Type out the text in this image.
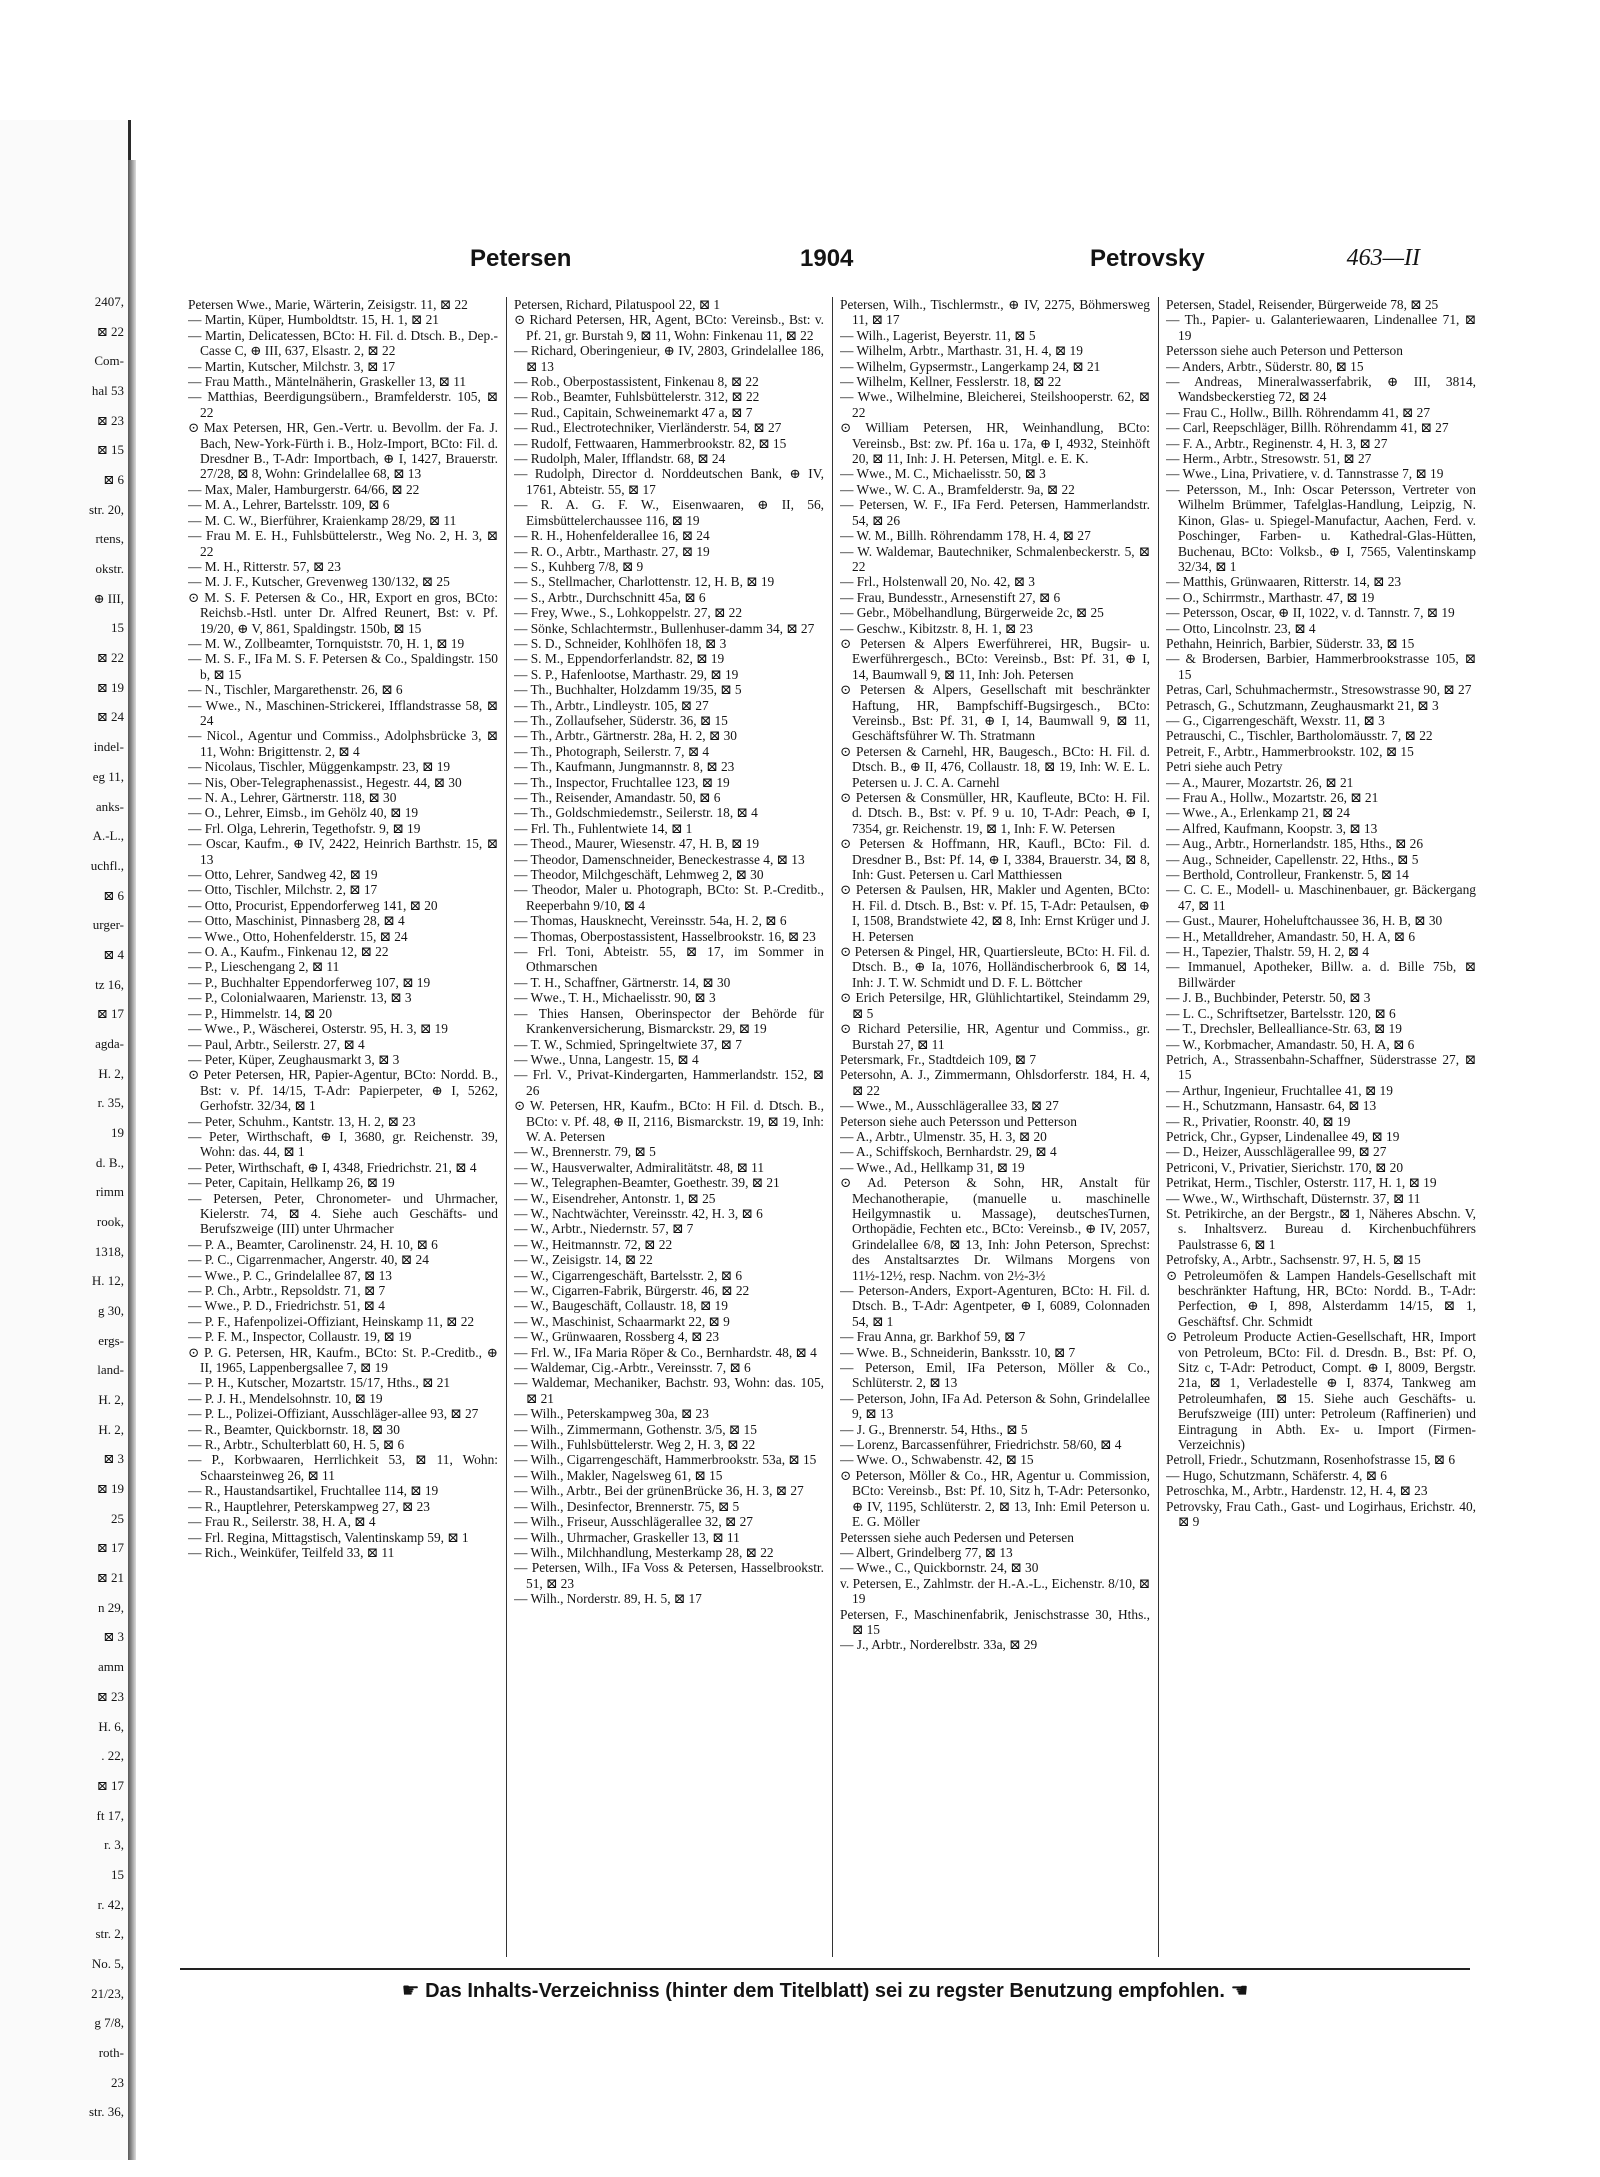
2407,
⊠ 22
Com-
hal 53
⊠ 23
⊠ 15
⊠ 6
str. 20,
rtens,
okstr.
⊕ III,
15
⊠ 22
⊠ 19
⊠ 24
indel-
eg 11,
anks-
A.-L.,
uchfl.,
⊠ 6
urger-
⊠ 4
tz 16,
⊠ 17
agda-
H. 2,
r. 35,
19
d. B.,
rimm
rook,
1318,
H. 12,
g 30,
ergs-
land-
H. 2,
H. 2,
⊠ 3
⊠ 19
25
⊠ 17
⊠ 21
n 29,
⊠ 3
amm
⊠ 23
H. 6,
. 22,
⊠ 17
ft 17,
r. 3,
15
r. 42,
str. 2,
No. 5,
21/23,
g 7/8,
roth-
23
str. 36,
Petersen	1904	Petrovsky	463—II

Petersen Wwe., Marie, Wärterin, Zeisigstr. 11, ⊠ 22

— Martin, Küper, Humboldtstr. 15, H. 1, ⊠ 21

— Martin, Delicatessen, BCto: H. Fil. d. Dtsch. B., Dep.-Casse C, ⊕ III, 637, Elsastr. 2, ⊠ 22

— Martin, Kutscher, Milchstr. 3, ⊠ 17

— Frau Matth., Mäntelnäherin, Graskeller 13, ⊠ 11

— Matthias, Beerdigungsübern., Bramfelderstr. 105, ⊠ 22

⊙ Max Petersen, HR, Gen.-Vertr. u. Bevollm. der Fa. J. Bach, New-York-Fürth i. B., Holz-Import, BCto: Fil. d. Dresdner B., T-Adr: Importbach, ⊕ I, 1427, Brauerstr. 27/28, ⊠ 8, Wohn: Grindelallee 68, ⊠ 13

— Max, Maler, Hamburgerstr. 64/66, ⊠ 22

— M. A., Lehrer, Bartelsstr. 109, ⊠ 6

— M. C. W., Bierführer, Kraienkamp 28/29, ⊠ 11

— Frau M. E. H., Fuhlsbüttelerstr., Weg No. 2, H. 3, ⊠ 22

— M. H., Ritterstr. 57, ⊠ 23

— M. J. F., Kutscher, Grevenweg 130/132, ⊠ 25

⊙ M. S. F. Petersen & Co., HR, Export en gros, BCto: Reichsb.-Hstl. unter Dr. Alfred Reunert, Bst: v. Pf. 19/20, ⊕ V, 861, Spaldingstr. 150b, ⊠ 15

— M. W., Zollbeamter, Tornquiststr. 70, H. 1, ⊠ 19

— M. S. F., IFa M. S. F. Petersen & Co., Spaldingstr. 150 b, ⊠ 15

— N., Tischler, Margarethenstr. 26, ⊠ 6

— Wwe., N., Maschinen-Strickerei, Ifflandstrasse 58, ⊠ 24

— Nicol., Agentur und Commiss., Adolphsbrücke 3, ⊠ 11, Wohn: Brigittenstr. 2, ⊠ 4

— Nicolaus, Tischler, Müggenkampstr. 23, ⊠ 19

— Nis, Ober-Telegraphenassist., Hegestr. 44, ⊠ 30

— N. A., Lehrer, Gärtnerstr. 118, ⊠ 30

— O., Lehrer, Eimsb., im Gehölz 40, ⊠ 19

— Frl. Olga, Lehrerin, Tegethofstr. 9, ⊠ 19

— Oscar, Kaufm., ⊕ IV, 2422, Heinrich Barthstr. 15, ⊠ 13

— Otto, Lehrer, Sandweg 42, ⊠ 19

— Otto, Tischler, Milchstr. 2, ⊠ 17

— Otto, Procurist, Eppendorferweg 141, ⊠ 20

— Otto, Maschinist, Pinnasberg 28, ⊠ 4

— Wwe., Otto, Hohenfelderstr. 15, ⊠ 24

— O. A., Kaufm., Finkenau 12, ⊠ 22

— P., Lieschengang 2, ⊠ 11

— P., Buchhalter Eppendorferweg 107, ⊠ 19

— P., Colonialwaaren, Marienstr. 13, ⊠ 3

— P., Himmelstr. 14, ⊠ 20

— Wwe., P., Wäscherei, Osterstr. 95, H. 3, ⊠ 19

— Paul, Arbtr., Seilerstr. 27, ⊠ 4

— Peter, Küper, Zeughausmarkt 3, ⊠ 3

⊙ Peter Petersen, HR, Papier-Agentur, BCto: Nordd. B., Bst: v. Pf. 14/15, T-Adr: Papierpeter, ⊕ I, 5262, Gerhofstr. 32/34, ⊠ 1

— Peter, Schuhm., Kantstr. 13, H. 2, ⊠ 23

— Peter, Wirthschaft, ⊕ I, 3680, gr. Reichenstr. 39, Wohn: das. 44, ⊠ 1

— Peter, Wirthschaft, ⊕ I, 4348, Friedrichstr. 21, ⊠ 4

— Peter, Capitain, Hellkamp 26, ⊠ 19

— Petersen, Peter, Chronometer- und Uhrmacher, Kielerstr. 74, ⊠ 4. Siehe auch Geschäfts- und Berufszweige (III) unter Uhrmacher

— P. A., Beamter, Carolinenstr. 24, H. 10, ⊠ 6

— P. C., Cigarrenmacher, Angerstr. 40, ⊠ 24

— Wwe., P. C., Grindelallee 87, ⊠ 13

— P. Ch., Arbtr., Repsoldstr. 71, ⊠ 7

— Wwe., P. D., Friedrichstr. 51, ⊠ 4

— P. F., Hafenpolizei-Offiziant, Heinskamp 11, ⊠ 22

— P. F. M., Inspector, Collaustr. 19, ⊠ 19

⊙ P. G. Petersen, HR, Kaufm., BCto: St. P.-Creditb., ⊕ II, 1965, Lappenbergsallee 7, ⊠ 19

— P. H., Kutscher, Mozartstr. 15/17, Hths., ⊠ 21

— P. J. H., Mendelsohnstr. 10, ⊠ 19

— P. L., Polizei-Offiziant, Ausschläger-allee 93, ⊠ 27

— R., Beamter, Quickbornstr. 18, ⊠ 30

— R., Arbtr., Schulterblatt 60, H. 5, ⊠ 6

— P., Korbwaaren, Herrlichkeit 53, ⊠ 11, Wohn: Schaarsteinweg 26, ⊠ 11

— R., Haustandsartikel, Fruchtallee 114, ⊠ 19

— R., Hauptlehrer, Peterskampweg 27, ⊠ 23

— Frau R., Seilerstr. 38, H. A, ⊠ 4

— Frl. Regina, Mittagstisch, Valentinskamp 59, ⊠ 1

— Rich., Weinküfer, Teilfeld 33, ⊠ 11

Petersen, Richard, Pilatuspool 22, ⊠ 1

⊙ Richard Petersen, HR, Agent, BCto: Vereinsb., Bst: v. Pf. 21, gr. Burstah 9, ⊠ 11, Wohn: Finkenau 11, ⊠ 22

— Richard, Oberingenieur, ⊕ IV, 2803, Grindelallee 186, ⊠ 13

— Rob., Oberpostassistent, Finkenau 8, ⊠ 22

— Rob., Beamter, Fuhlsbüttelerstr. 312, ⊠ 22

— Rud., Capitain, Schweinemarkt 47 a, ⊠ 7

— Rud., Electrotechniker, Vierländerstr. 54, ⊠ 27

— Rudolf, Fettwaaren, Hammerbrookstr. 82, ⊠ 15

— Rudolph, Maler, Ifflandstr. 68, ⊠ 24

— Rudolph, Director d. Norddeutschen Bank, ⊕ IV, 1761, Abteistr. 55, ⊠ 17

— R. A. G. F. W., Eisenwaaren, ⊕ II, 56, Eimsbüttelerchaussee 116, ⊠ 19

— R. H., Hohenfelderallee 16, ⊠ 24

— R. O., Arbtr., Marthastr. 27, ⊠ 19

— S., Kuhberg 7/8, ⊠ 9

— S., Stellmacher, Charlottenstr. 12, H. B, ⊠ 19

— S., Arbtr., Durchschnitt 45a, ⊠ 6

— Frey, Wwe., S., Lohkoppelstr. 27, ⊠ 22

— Sönke, Schlachtermstr., Bullenhuser-damm 34, ⊠ 27

— S. D., Schneider, Kohlhöfen 18, ⊠ 3

— S. M., Eppendorferlandstr. 82, ⊠ 19

— S. P., Hafenlootse, Marthastr. 29, ⊠ 19

— Th., Buchhalter, Holzdamm 19/35, ⊠ 5

— Th., Arbtr., Lindleystr. 105, ⊠ 27

— Th., Zollaufseher, Süderstr. 36, ⊠ 15

— Th., Arbtr., Gärtnerstr. 28a, H. 2, ⊠ 30

— Th., Photograph, Seilerstr. 7, ⊠ 4

— Th., Kaufmann, Jungmannstr. 8, ⊠ 23

— Th., Inspector, Fruchtallee 123, ⊠ 19

— Th., Reisender, Amandastr. 50, ⊠ 6

— Th., Goldschmiedemstr., Seilerstr. 18, ⊠ 4

— Frl. Th., Fuhlentwiete 14, ⊠ 1

— Theod., Maurer, Wiesenstr. 47, H. B, ⊠ 19

— Theodor, Damenschneider, Beneckestrasse 4, ⊠ 13

— Theodor, Milchgeschäft, Lehmweg 2, ⊠ 30

— Theodor, Maler u. Photograph, BCto: St. P.-Creditb., Reeperbahn 9/10, ⊠ 4

— Thomas, Hausknecht, Vereinsstr. 54a, H. 2, ⊠ 6

— Thomas, Oberpostassistent, Hasselbrookstr. 16, ⊠ 23

— Frl. Toni, Abteistr. 55, ⊠ 17, im Sommer in Othmarschen

— T. H., Schaffner, Gärtnerstr. 14, ⊠ 30

— Wwe., T. H., Michaelisstr. 90, ⊠ 3

— Thies Hansen, Oberinspector der Behörde für Krankenversicherung, Bismarckstr. 29, ⊠ 19

— T. W., Schmied, Springeltwiete 37, ⊠ 7

— Wwe., Unna, Langestr. 15, ⊠ 4

— Frl. V., Privat-Kindergarten, Hammerlandstr. 152, ⊠ 26

⊙ W. Petersen, HR, Kaufm., BCto: H Fil. d. Dtsch. B., BCto: v. Pf. 48, ⊕ II, 2116, Bismarckstr. 19, ⊠ 19, Inh: W. A. Petersen

— W., Brennerstr. 79, ⊠ 5

— W., Hausverwalter, Admiralitätstr. 48, ⊠ 11

— W., Telegraphen-Beamter, Goethestr. 39, ⊠ 21

— W., Eisendreher, Antonstr. 1, ⊠ 25

— W., Nachtwächter, Vereinsstr. 42, H. 3, ⊠ 6

— W., Arbtr., Niedernstr. 57, ⊠ 7

— W., Heitmannstr. 72, ⊠ 22

— W., Zeisigstr. 14, ⊠ 22

— W., Cigarrengeschäft, Bartelsstr. 2, ⊠ 6

— W., Cigarren-Fabrik, Bürgerstr. 46, ⊠ 22

— W., Baugeschäft, Collaustr. 18, ⊠ 19

— W., Maschinist, Schaarmarkt 22, ⊠ 9

— W., Grünwaaren, Rossberg 4, ⊠ 23

— Frl. W., IFa Maria Röper & Co., Bernhardstr. 48, ⊠ 4

— Waldemar, Cig.-Arbtr., Vereinsstr. 7, ⊠ 6

— Waldemar, Mechaniker, Bachstr. 93, Wohn: das. 105, ⊠ 21

— Wilh., Peterskampweg 30a, ⊠ 23

— Wilh., Zimmermann, Gothenstr. 3/5, ⊠ 15

— Wilh., Fuhlsbüttelerstr. Weg 2, H. 3, ⊠ 22

— Wilh., Cigarrengeschäft, Hammerbrookstr. 53a, ⊠ 15

— Wilh., Makler, Nagelsweg 61, ⊠ 15

— Wilh., Arbtr., Bei der grünenBrücke 36, H. 3, ⊠ 27

— Wilh., Desinfector, Brennerstr. 75, ⊠ 5

— Wilh., Friseur, Ausschlägerallee 32, ⊠ 27

— Wilh., Uhrmacher, Graskeller 13, ⊠ 11

— Wilh., Milchhandlung, Mesterkamp 28, ⊠ 22

— Petersen, Wilh., IFa Voss & Petersen, Hasselbrookstr. 51, ⊠ 23

— Wilh., Norderstr. 89, H. 5, ⊠ 17

Petersen, Wilh., Tischlermstr., ⊕ IV, 2275, Böhmersweg 11, ⊠ 17

— Wilh., Lagerist, Beyerstr. 11, ⊠ 5

— Wilhelm, Arbtr., Marthastr. 31, H. 4, ⊠ 19

— Wilhelm, Gypsermstr., Langerkamp 24, ⊠ 21

— Wilhelm, Kellner, Fesslerstr. 18, ⊠ 22

— Wwe., Wilhelmine, Bleicherei, Steilshooperstr. 62, ⊠ 22

⊙ William Petersen, HR, Weinhandlung, BCto: Vereinsb., Bst: zw. Pf. 16a u. 17a, ⊕ I, 4932, Steinhöft 20, ⊠ 11, Inh: J. H. Petersen, Mitgl. e. E. K.

— Wwe., M. C., Michaelisstr. 50, ⊠ 3

— Wwe., W. C. A., Bramfelderstr. 9a, ⊠ 22

— Petersen, W. F., IFa Ferd. Petersen, Hammerlandstr. 54, ⊠ 26

— W. M., Billh. Röhrendamm 178, H. 4, ⊠ 27

— W. Waldemar, Bautechniker, Schmalenbeckerstr. 5, ⊠ 22

— Frl., Holstenwall 20, No. 42, ⊠ 3

— Frau, Bundesstr., Arnesenstift 27, ⊠ 6

— Gebr., Möbelhandlung, Bürgerweide 2c, ⊠ 25

— Geschw., Kibitzstr. 8, H. 1, ⊠ 23

⊙ Petersen & Alpers Ewerführerei, HR, Bugsir- u. Ewerführergesch., BCto: Vereinsb., Bst: Pf. 31, ⊕ I, 14, Baumwall 9, ⊠ 11, Inh: Joh. Petersen

⊙ Petersen & Alpers, Gesellschaft mit beschränkter Haftung, HR, Bampfschiff-Bugsirgesch., BCto: Vereinsb., Bst: Pf. 31, ⊕ I, 14, Baumwall 9, ⊠ 11, Geschäftsführer W. Th. Stratmann

⊙ Petersen & Carnehl, HR, Baugesch., BCto: H. Fil. d. Dtsch. B., ⊕ II, 476, Collaustr. 18, ⊠ 19, Inh: W. E. L. Petersen u. J. C. A. Carnehl

⊙ Petersen & Consmüller, HR, Kaufleute, BCto: H. Fil. d. Dtsch. B., Bst: v. Pf. 9 u. 10, T-Adr: Peach, ⊕ I, 7354, gr. Reichenstr. 19, ⊠ 1, Inh: F. W. Petersen

⊙ Petersen & Hoffmann, HR, Kaufl., BCto: Fil. d. Dresdner B., Bst: Pf. 14, ⊕ I, 3384, Brauerstr. 34, ⊠ 8, Inh: Gust. Petersen u. Carl Matthiessen

⊙ Petersen & Paulsen, HR, Makler und Agenten, BCto: H. Fil. d. Dtsch. B., Bst: v. Pf. 15, T-Adr: Petaulsen, ⊕ I, 1508, Brandstwiete 42, ⊠ 8, Inh: Ernst Krüger und J. H. Petersen

⊙ Petersen & Pingel, HR, Quartiersleute, BCto: H. Fil. d. Dtsch. B., ⊕ Ia, 1076, Holländischerbrook 6, ⊠ 14, Inh: J. T. W. Schmidt und D. F. L. Böttcher

⊙ Erich Petersilge, HR, Glühlichtartikel, Steindamm 29, ⊠ 5

⊙ Richard Petersilie, HR, Agentur und Commiss., gr. Burstah 27, ⊠ 11

Petersmark, Fr., Stadtdeich 109, ⊠ 7

Petersohn, A. J., Zimmermann, Ohlsdorferstr. 184, H. 4, ⊠ 22

— Wwe., M., Ausschlägerallee 33, ⊠ 27

Peterson siehe auch Petersson und Petterson

— A., Arbtr., Ulmenstr. 35, H. 3, ⊠ 20

— A., Schiffskoch, Bernhardstr. 29, ⊠ 4

— Wwe., Ad., Hellkamp 31, ⊠ 19

⊙ Ad. Peterson & Sohn, HR, Anstalt für Mechanotherapie, (manuelle u. maschinelle Heilgymnastik u. Massage), deutschesTurnen, Orthopädie, Fechten etc., BCto: Vereinsb., ⊕ IV, 2057, Grindelallee 6/8, ⊠ 13, Inh: John Peterson, Sprechst: des Anstaltsarztes Dr. Wilmans Morgens von 11½-12½, resp. Nachm. von 2½-3½

— Peterson-Anders, Export-Agenturen, BCto: H. Fil. d. Dtsch. B., T-Adr: Agentpeter, ⊕ I, 6089, Colonnaden 54, ⊠ 1

— Frau Anna, gr. Barkhof 59, ⊠ 7

— Wwe. B., Schneiderin, Banksstr. 10, ⊠ 7

— Peterson, Emil, IFa Peterson, Möller & Co., Schlüterstr. 2, ⊠ 13

— Peterson, John, IFa Ad. Peterson & Sohn, Grindelallee 9, ⊠ 13

— J. G., Brennerstr. 54, Hths., ⊠ 5

— Lorenz, Barcassenführer, Friedrichstr. 58/60, ⊠ 4

— Wwe. O., Schwabenstr. 42, ⊠ 15

⊙ Peterson, Möller & Co., HR, Agentur u. Commission, BCto: Vereinsb., Bst: Pf. 10, Sitz h, T-Adr: Petersonko, ⊕ IV, 1195, Schlüterstr. 2, ⊠ 13, Inh: Emil Peterson u. E. G. Möller

Peterssen siehe auch Pedersen und Petersen

— Albert, Grindelberg 77, ⊠ 13

— Wwe., C., Quickbornstr. 24, ⊠ 30

v. Petersen, E., Zahlmstr. der H.-A.-L., Eichenstr. 8/10, ⊠ 19

Petersen, F., Maschinenfabrik, Jenischstrasse 30, Hths., ⊠ 15

— J., Arbtr., Norderelbstr. 33a, ⊠ 29

Petersen, Stadel, Reisender, Bürgerweide 78, ⊠ 25

— Th., Papier- u. Galanteriewaaren, Lindenallee 71, ⊠ 19

Petersson siehe auch Peterson und Petterson

— Anders, Arbtr., Süderstr. 80, ⊠ 15

— Andreas, Mineralwasserfabrik, ⊕ III, 3814, Wandsbeckerstieg 72, ⊠ 24

— Frau C., Hollw., Billh. Röhrendamm 41, ⊠ 27

— Carl, Reepschläger, Billh. Röhrendamm 41, ⊠ 27

— F. A., Arbtr., Reginenstr. 4, H. 3, ⊠ 27

— Herm., Arbtr., Stresowstr. 51, ⊠ 27

— Wwe., Lina, Privatiere, v. d. Tannstrasse 7, ⊠ 19

— Petersson, M., Inh: Oscar Petersson, Vertreter von Wilhelm Brümmer, Tafelglas-Handlung, Leipzig, N. Kinon, Glas- u. Spiegel-Manufactur, Aachen, Ferd. v. Poschinger, Farben- u. Kathedral-Glas-Hütten, Buchenau, BCto: Volksb., ⊕ I, 7565, Valentinskamp 32/34, ⊠ 1

— Matthis, Grünwaaren, Ritterstr. 14, ⊠ 23

— O., Schirrmstr., Marthastr. 47, ⊠ 19

— Petersson, Oscar, ⊕ II, 1022, v. d. Tannstr. 7, ⊠ 19

— Otto, Lincolnstr. 23, ⊠ 4

Pethahn, Heinrich, Barbier, Süderstr. 33, ⊠ 15

— & Brodersen, Barbier, Hammerbrookstrasse 105, ⊠ 15

Petras, Carl, Schuhmachermstr., Stresowstrasse 90, ⊠ 27

Petrasch, G., Schutzmann, Zeughausmarkt 21, ⊠ 3

— G., Cigarrengeschäft, Wexstr. 11, ⊠ 3

Petrauschi, C., Tischler, Bartholomäusstr. 7, ⊠ 22

Petreit, F., Arbtr., Hammerbrookstr. 102, ⊠ 15

Petri siehe auch Petry

— A., Maurer, Mozartstr. 26, ⊠ 21

— Frau A., Hollw., Mozartstr. 26, ⊠ 21

— Wwe., A., Erlenkamp 21, ⊠ 24

— Alfred, Kaufmann, Koopstr. 3, ⊠ 13

— Aug., Arbtr., Hornerlandstr. 185, Hths., ⊠ 26

— Aug., Schneider, Capellenstr. 22, Hths., ⊠ 5

— Berthold, Controlleur, Frankenstr. 5, ⊠ 14

— C. C. E., Modell- u. Maschinenbauer, gr. Bäckergang 47, ⊠ 11

— Gust., Maurer, Hoheluftchaussee 36, H. B, ⊠ 30

— H., Metalldreher, Amandastr. 50, H. A, ⊠ 6

— H., Tapezier, Thalstr. 59, H. 2, ⊠ 4

— Immanuel, Apotheker, Billw. a. d. Bille 75b, ⊠ Billwärder

— J. B., Buchbinder, Peterstr. 50, ⊠ 3

— L. C., Schriftsetzer, Bartelsstr. 120, ⊠ 6

— T., Drechsler, Bellealliance-Str. 63, ⊠ 19

— W., Korbmacher, Amandastr. 50, H. A, ⊠ 6

Petrich, A., Strassenbahn-Schaffner, Süderstrasse 27, ⊠ 15

— Arthur, Ingenieur, Fruchtallee 41, ⊠ 19

— H., Schutzmann, Hansastr. 64, ⊠ 13

— R., Privatier, Roonstr. 40, ⊠ 19

Petrick, Chr., Gypser, Lindenallee 49, ⊠ 19

— D., Heizer, Ausschlägerallee 99, ⊠ 27

Petriconi, V., Privatier, Sierichstr. 170, ⊠ 20

Petrikat, Herm., Tischler, Osterstr. 117, H. 1, ⊠ 19

— Wwe., W., Wirthschaft, Düsternstr. 37, ⊠ 11

St. Petrikirche, an der Bergstr., ⊠ 1, Näheres Abschn. V, s. Inhaltsverz. Bureau d. Kirchenbuchführers Paulstrasse 6, ⊠ 1

Petrofsky, A., Arbtr., Sachsenstr. 97, H. 5, ⊠ 15

⊙ Petroleumöfen & Lampen Handels-Gesellschaft mit beschränkter Haftung, HR, BCto: Nordd. B., T-Adr: Perfection, ⊕ I, 898, Alsterdamm 14/15, ⊠ 1, Geschäftsf. Chr. Schmidt

⊙ Petroleum Producte Actien-Gesellschaft, HR, Import von Petroleum, BCto: Fil. d. Dresdn. B., Bst: Pf. O, Sitz c, T-Adr: Petroduct, Compt. ⊕ I, 8009, Bergstr. 21a, ⊠ 1, Verladestelle ⊕ I, 8374, Tankweg am Petroleumhafen, ⊠ 15. Siehe auch Geschäfts- u. Berufszweige (III) unter: Petroleum (Raffinerien) und Eintragung in Abth. Ex- u. Import (Firmen-Verzeichnis)

Petroll, Friedr., Schutzmann, Rosenhofstrasse 15, ⊠ 6

— Hugo, Schutzmann, Schäferstr. 4, ⊠ 6

Petroschka, M., Arbtr., Hardenstr. 12, H. 4, ⊠ 23

Petrovsky, Frau Cath., Gast- und Logirhaus, Erichstr. 40, ⊠ 9

☛ Das Inhalts-Verzeichniss (hinter dem Titelblatt) sei zu regster Benutzung empfohlen. ☚
